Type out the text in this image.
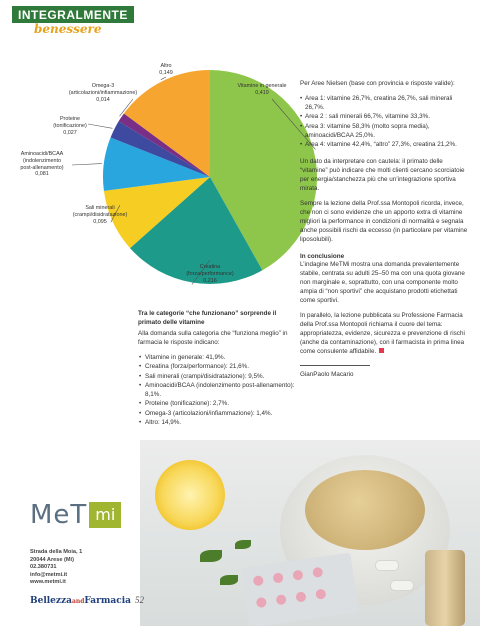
INTEGRALMENTE
benessere
Vitamine in generale
0,419
Creatina
(forza/performance)
0,216
Sali minerali
(crampi/disidratazione)
0,095
Aminoacidi/BCAA
(indolenzimento
post-allenamento)
0,081
Proteine
(tonificazione)
0,027
Omega-3
(articolazioni/infiammazione)
0,014
Altro
0,149
Tra le categorie “che funzionano” sorprende il primato delle vitamine
Alla domanda sulla categoria che “funziona meglio” in farmacia le risposte indicano:
• Vitamine in generale: 41,9%.
• Creatina (forza/performance): 21,6%.
• Sali minerali (crampi/disidratazione): 9,5%.
• Aminoacidi/BCAA (indolenzimento post-allenamento): 8,1%.
• Proteine (tonificazione): 2,7%.
• Omega-3 (articolazioni/infiammazione): 1,4%.
• Altro: 14,9%.

Per Aree Nielsen (base con provincia e risposte valide):

• Area 1: vitamine 26,7%, creatina 26,7%, sali minerali 26,7%.
• Area 2 : sali minerali 66,7%, vitamine 33,3%.
• Area 3: vitamine 58,3% (molto sopra media), aminoacidi/BCAA 25,0%.
• Area 4: vitamine 42,4%, “altro” 27,3%, creatina 21,2%.

Un dato da interpretare con cautela: il primato delle “vitamine” può indicare che molti clienti cercano scorciatoie per energia/stanchezza più che un’integrazione sportiva mirata.

Sempre la lezione della Prof.ssa Montopoli ricorda, invece, che non ci sono evidenze che un apporto extra di vitamine migliori la performance in condizioni di normalità e segnala anche possibili rischi da eccesso (in particolare per vitamine liposolubili).

In conclusione

L’indagine MeTMi mostra una domanda prevalentemente stabile, centrata su adulti 25–50 ma con una quota giovane non marginale e, soprattutto, con una componente molto ampia di “non sportivi” che acquistano prodotti etichettati come sportivi.

In parallelo, la lezione pubblicata su Professione Farmacia della Prof.ssa Montopoli richiama il cuore del tema: appropriatezza, evidenze, sicurezza e prevenzione di rischi (anche da contaminazione), con il farmacista in prima linea come consulente affidabile.

GianPaolo Macario
MeT mi
Strada della Moia, 1
20044 Arese (Mi)
02.380731
info@metmi.it
www.metmi.it
BellezzaandFarmacia 52
